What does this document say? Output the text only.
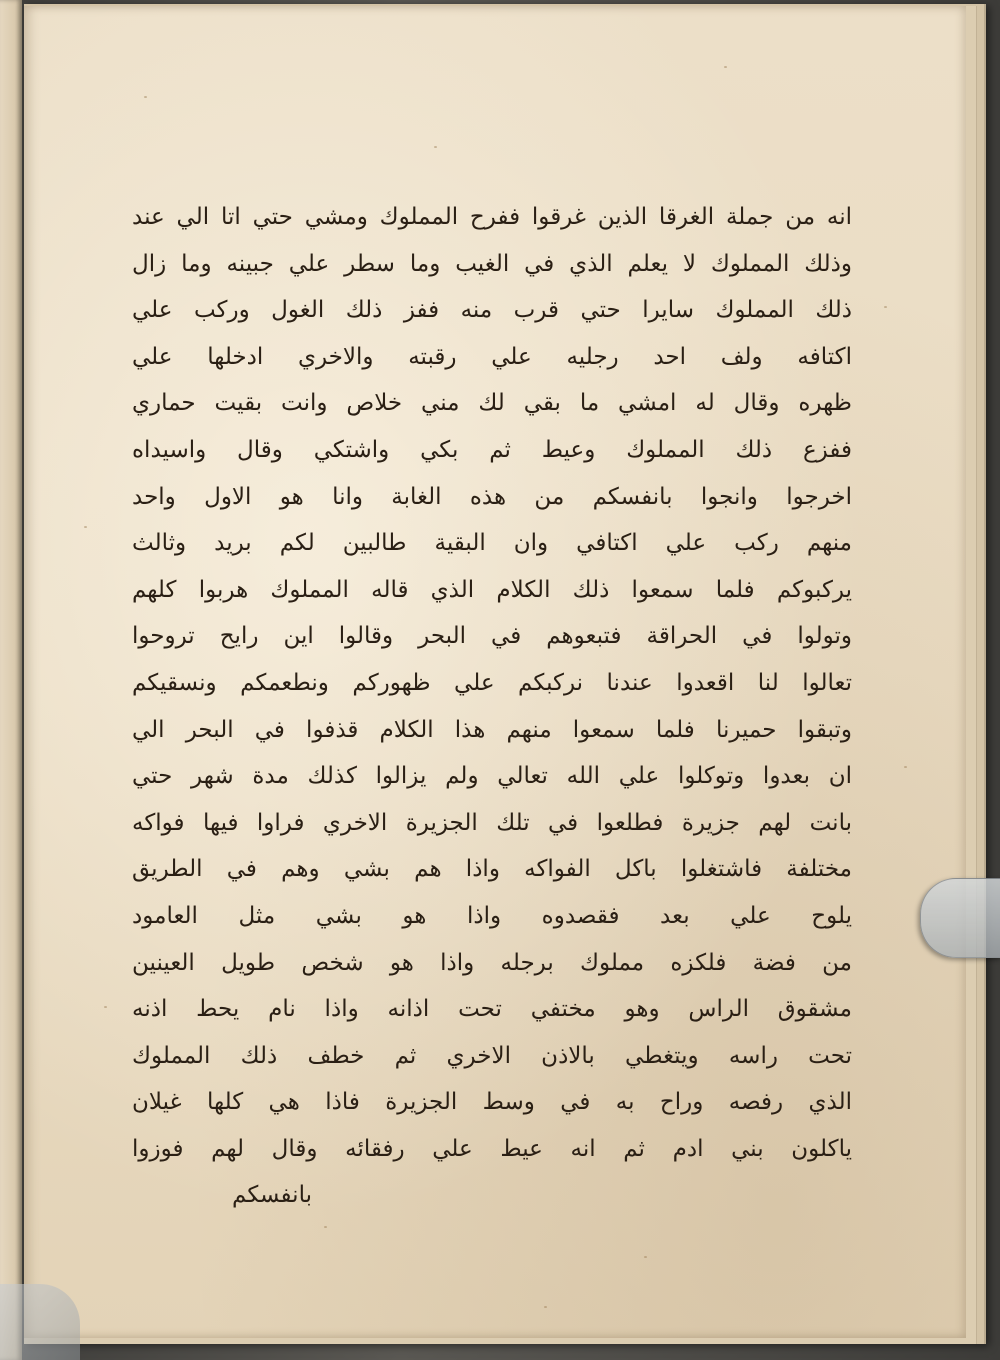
انه من جملة الغرقا الذين غرقوا ففرح المملوك ومشي حتي اتا الي عند
وذلك المملوك لا يعلم الذي في الغيب وما سطر علي جبينه وما زال
ذلك المملوك سايرا حتي قرب منه ففز ذلك الغول وركب علي
اكتافه ولف احد رجليه علي رقبته والاخري ادخلها علي
ظهره وقال له امشي ما بقي لك مني خلاص وانت بقيت حماري
ففزع ذلك المملوك وعيط ثم بكي واشتكي وقال واسيداه
اخرجوا وانجوا بانفسكم من هذه الغابة وانا هو الاول واحد
منهم ركب علي اكتافي وان البقية طالبين لكم بريد وثالث
يركبوكم فلما سمعوا ذلك الكلام الذي قاله المملوك هربوا كلهم
وتولوا في الحراقة فتبعوهم في البحر وقالوا اين رايح تروحوا
تعالوا لنا اقعدوا عندنا نركبكم علي ظهوركم ونطعمكم ونسقيكم
وتبقوا حميرنا فلما سمعوا منهم هذا الكلام قذفوا في البحر الي
ان بعدوا وتوكلوا علي الله تعالي ولم يزالوا كذلك مدة شهر حتي
بانت لهم جزيرة فطلعوا في تلك الجزيرة الاخري فراوا فيها فواكه
مختلفة فاشتغلوا باكل الفواكه واذا هم بشي وهم في الطريق
يلوح علي بعد فقصدوه واذا هو بشي مثل العامود
من فضة فلكزه مملوك برجله واذا هو شخص طويل العينين
مشقوق الراس وهو مختفي تحت اذانه واذا نام يحط اذنه
تحت راسه ويتغطي بالاذن الاخري ثم خطف ذلك المملوك
الذي رفصه وراح به في وسط الجزيرة فاذا هي كلها غيلان
ياكلون بني ادم ثم انه عيط علي رفقائه وقال لهم فوزوا
بانفسكم
